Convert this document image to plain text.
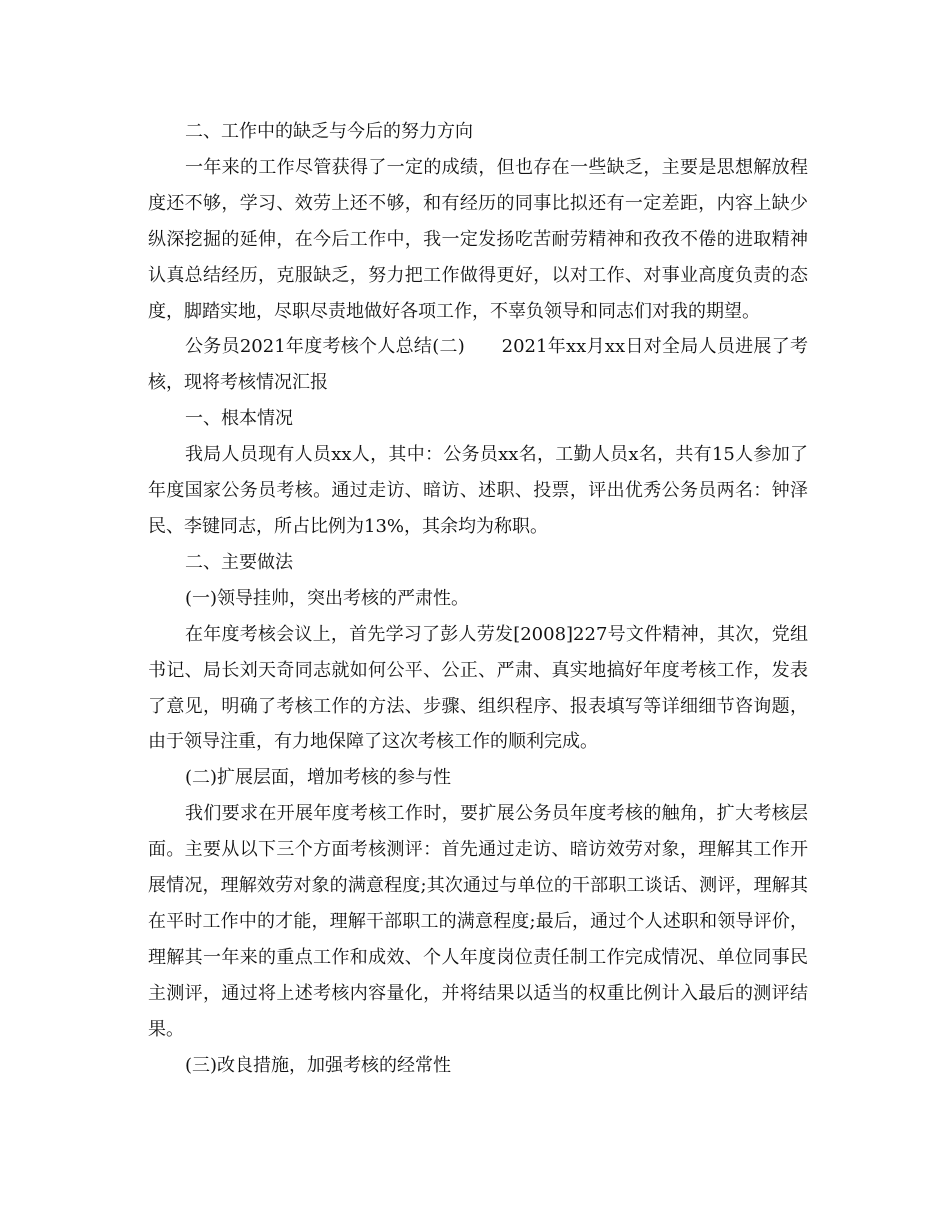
二、工作中的缺乏与今后的努力方向

一年来的工作尽管获得了一定的成绩，但也存在一些缺乏，主要是思想解放程度还不够，学习、效劳上还不够，和有经历的同事比拟还有一定差距，内容上缺少纵深挖掘的延伸，在今后工作中，我一定发扬吃苦耐劳精神和孜孜不倦的进取精神认真总结经历，克服缺乏，努力把工作做得更好，以对工作、对事业高度负责的态度，脚踏实地，尽职尽责地做好各项工作，不辜负领导和同志们对我的期望。

公务员2021年度考核个人总结(二)　　2021年xx月xx日对全局人员进展了考核，现将考核情况汇报

一、根本情况

我局人员现有人员xx人，其中：公务员xx名，工勤人员x名，共有15人参加了年度国家公务员考核。通过走访、暗访、述职、投票，评出优秀公务员两名：钟泽民、李键同志，所占比例为13%，其余均为称职。

二、主要做法

(一)领导挂帅，突出考核的严肃性。

在年度考核会议上，首先学习了彭人劳发[2008]227号文件精神，其次，党组书记、局长刘天奇同志就如何公平、公正、严肃、真实地搞好年度考核工作，发表了意见，明确了考核工作的方法、步骤、组织程序、报表填写等详细细节咨询题，由于领导注重，有力地保障了这次考核工作的顺利完成。

(二)扩展层面，增加考核的参与性

我们要求在开展年度考核工作时，要扩展公务员年度考核的触角，扩大考核层面。主要从以下三个方面考核测评：首先通过走访、暗访效劳对象，理解其工作开展情况，理解效劳对象的满意程度;其次通过与单位的干部职工谈话、测评，理解其在平时工作中的才能，理解干部职工的满意程度;最后，通过个人述职和领导评价，理解其一年来的重点工作和成效、个人年度岗位责任制工作完成情况、单位同事民主测评，通过将上述考核内容量化，并将结果以适当的权重比例计入最后的测评结果。

(三)改良措施，加强考核的经常性
